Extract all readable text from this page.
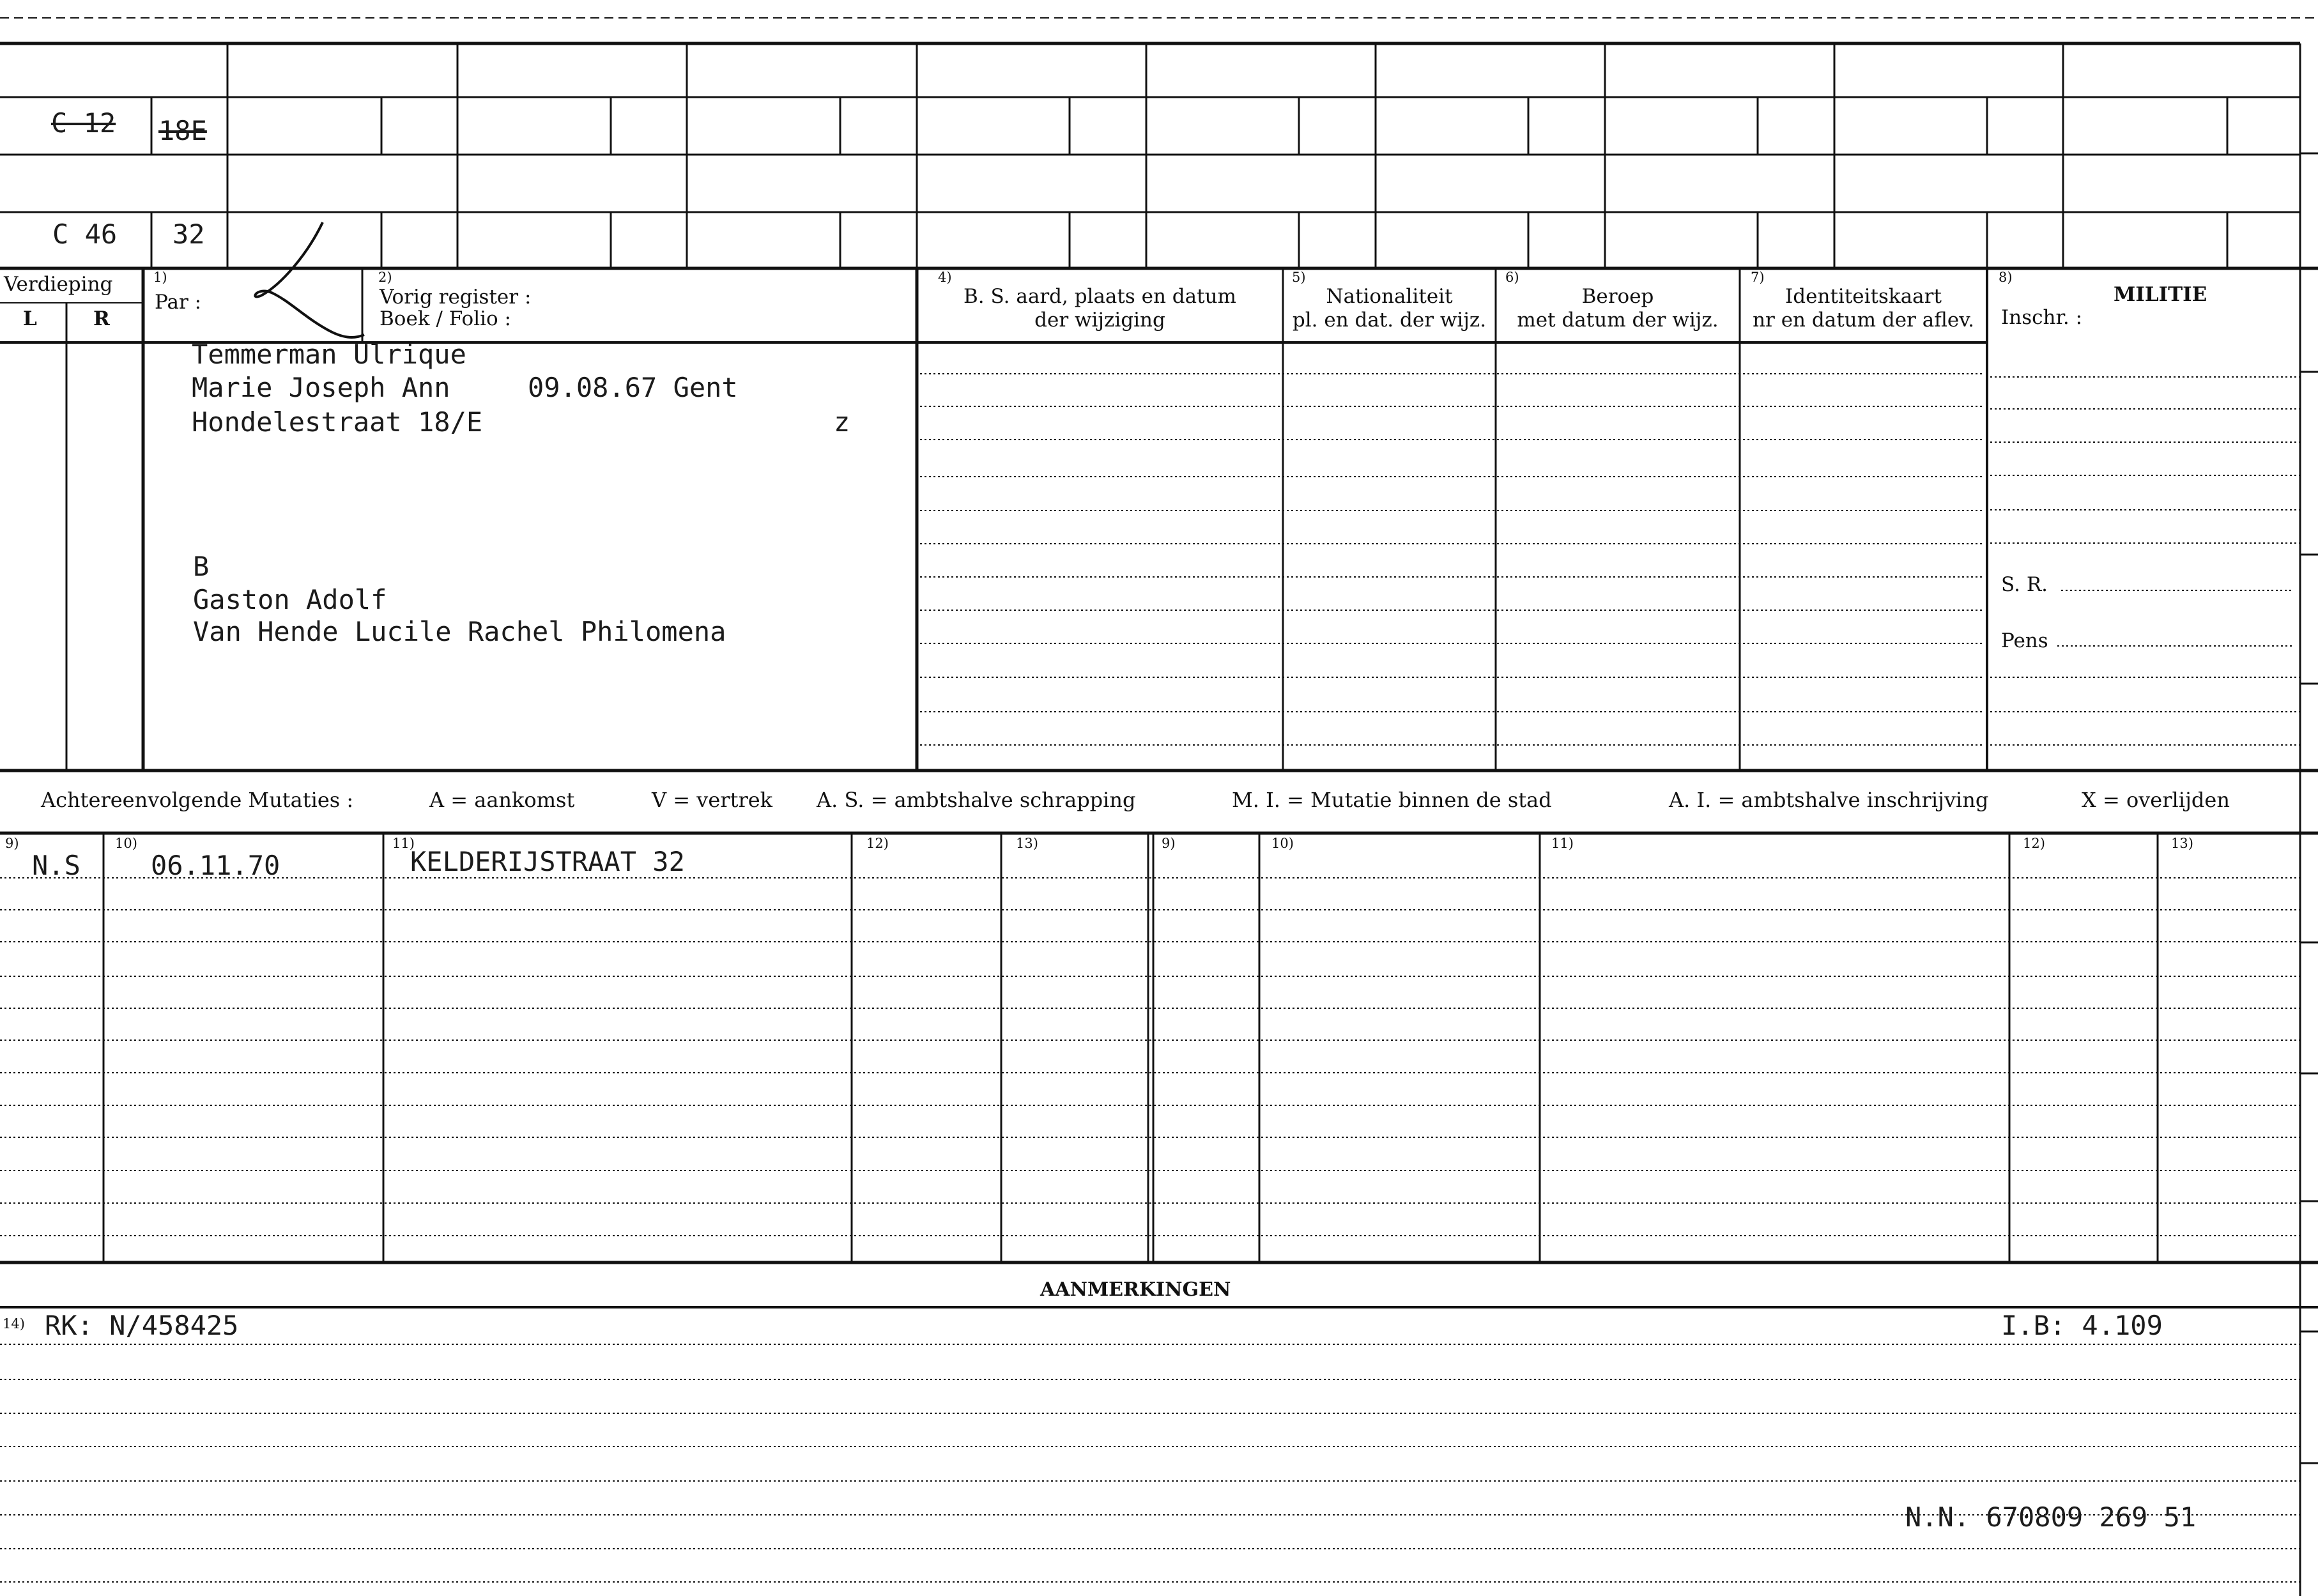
C 12 18E
C 46 32
Verdieping
L	R
1)
Par :
2)
Vorig register :
Boek / Folio :
4)
B. S. aard, plaats en datum
der wijziging
5)
Nationaliteit
pl. en dat. der wijz.
6)
Beroep
met datum der wijz.
7)
Identiteitskaart
nr en datum der aflev.
8)
MILITIE
Inschr. :
S. R.
Pens
Temmerman Ulrique
Marie Joseph Ann	09.08.67 Gent
Hondelestraat 18/E	z
B
Gaston Adolf
Van Hende Lucile Rachel Philomena
Achtereenvolgende Mutaties :	A = aankomst	V = vertrek A. S. = ambtshalve schrapping	M. I. = Mutatie binnen de stad	A. I. = ambtshalve inschrijving	X = overlijden
9)	10)	11)	12)	13)	9)	10)	11)	12)	13)
N.S	06.11.70	KELDERIJSTRAAT 32
AANMERKINGEN
14) RK: N/458425	I.B: 4.109
N.N. 670809 269 51
